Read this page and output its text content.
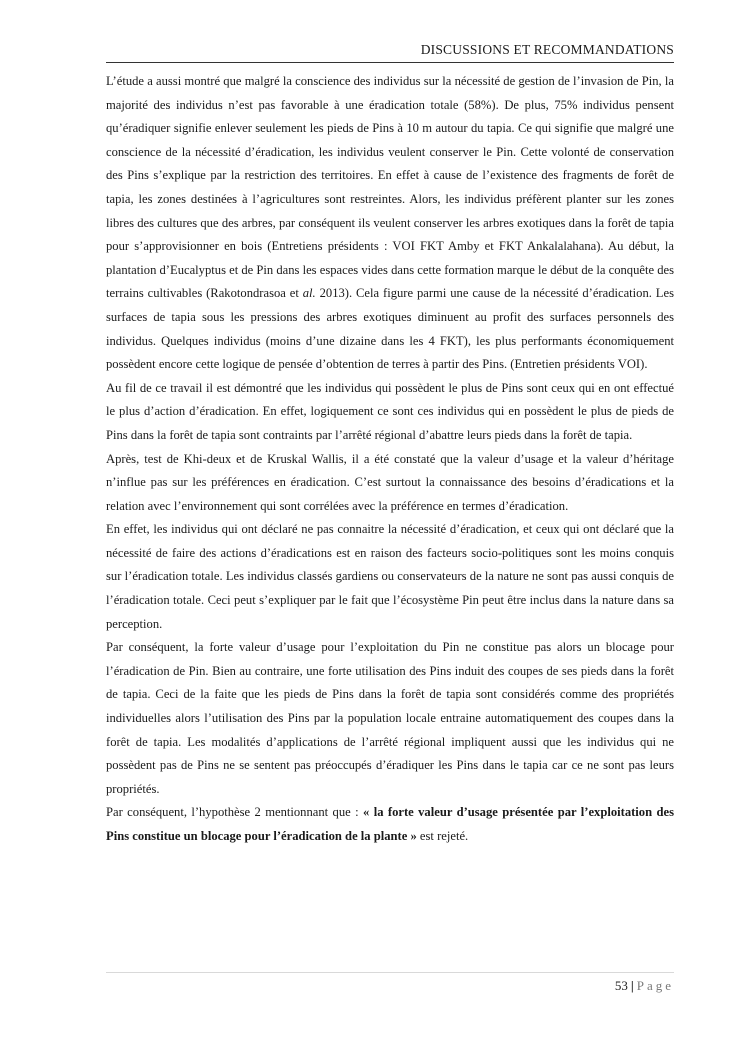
DISCUSSIONS ET RECOMMANDATIONS

L’étude a aussi montré que malgré la conscience des individus sur la nécessité de gestion de l’invasion de Pin, la majorité des individus n’est pas favorable à une éradication totale (58%). De plus, 75% individus pensent qu’éradiquer signifie enlever seulement les pieds de Pins à 10 m autour du tapia. Ce qui signifie que malgré une conscience de la nécessité d’éradication, les individus veulent conserver le Pin. Cette volonté de conservation des Pins s’explique par la restriction des territoires. En effet à cause de l’existence des fragments de forêt de tapia, les zones destinées à l’agricultures sont restreintes. Alors, les individus préfèrent planter sur les zones libres des cultures que des arbres, par conséquent ils veulent conserver les arbres exotiques dans la forêt de tapia pour s’approvisionner en bois (Entretiens présidents : VOI FKT Amby et FKT Ankalalahana). Au début, la plantation d’Eucalyptus et de Pin dans les espaces vides dans cette formation marque le début de la conquête des terrains cultivables (Rakotondrasoa et al. 2013). Cela figure parmi une cause de la nécessité d’éradication. Les surfaces de tapia sous les pressions des arbres exotiques diminuent au profit des surfaces personnels des individus. Quelques individus (moins d’une dizaine dans les 4 FKT), les plus performants économiquement possèdent encore cette logique de pensée d’obtention de terres à partir des Pins. (Entretien présidents VOI).

Au fil de ce travail il est démontré que les individus qui possèdent le plus de Pins sont ceux qui en ont effectué le plus d’action d’éradication. En effet, logiquement ce sont ces individus qui en possèdent le plus de pieds de Pins dans la forêt de tapia sont contraints par l’arrêté régional d’abattre leurs pieds dans la forêt de tapia.

Après, test de Khi-deux et de Kruskal Wallis, il a été constaté que la valeur d’usage et la valeur d’héritage n’influe pas sur les préférences en éradication. C’est surtout la connaissance des besoins d’éradications et la relation avec l’environnement qui sont corrélées avec la préférence en termes d’éradication.

En effet, les individus qui ont déclaré ne pas connaitre la nécessité d’éradication, et ceux qui ont déclaré que la nécessité de faire des actions d’éradications est en raison des facteurs socio-politiques sont les moins conquis sur l’éradication totale. Les individus classés gardiens ou conservateurs de la nature ne sont pas aussi conquis de l’éradication totale. Ceci peut s’expliquer par le fait que l’écosystème Pin peut être inclus dans la nature dans sa perception.

Par conséquent, la forte valeur d’usage pour l’exploitation du Pin ne constitue pas alors un blocage pour l’éradication de Pin. Bien au contraire, une forte utilisation des Pins induit des coupes de ses pieds dans la forêt de tapia. Ceci de la faite que les pieds de Pins dans la forêt de tapia sont considérés comme des propriétés individuelles alors l’utilisation des Pins par la population locale entraine automatiquement des coupes dans la forêt de tapia. Les modalités d’applications de l’arrêté régional impliquent aussi que les individus qui ne possèdent pas de Pins ne se sentent pas préoccupés d’éradiquer les Pins dans le tapia car ce ne sont pas leurs propriétés.

Par conséquent, l’hypothèse 2 mentionnant que : « la forte valeur d’usage présentée par l’exploitation des Pins constitue un blocage pour l’éradication de la plante » est rejeté.

53 | Page
